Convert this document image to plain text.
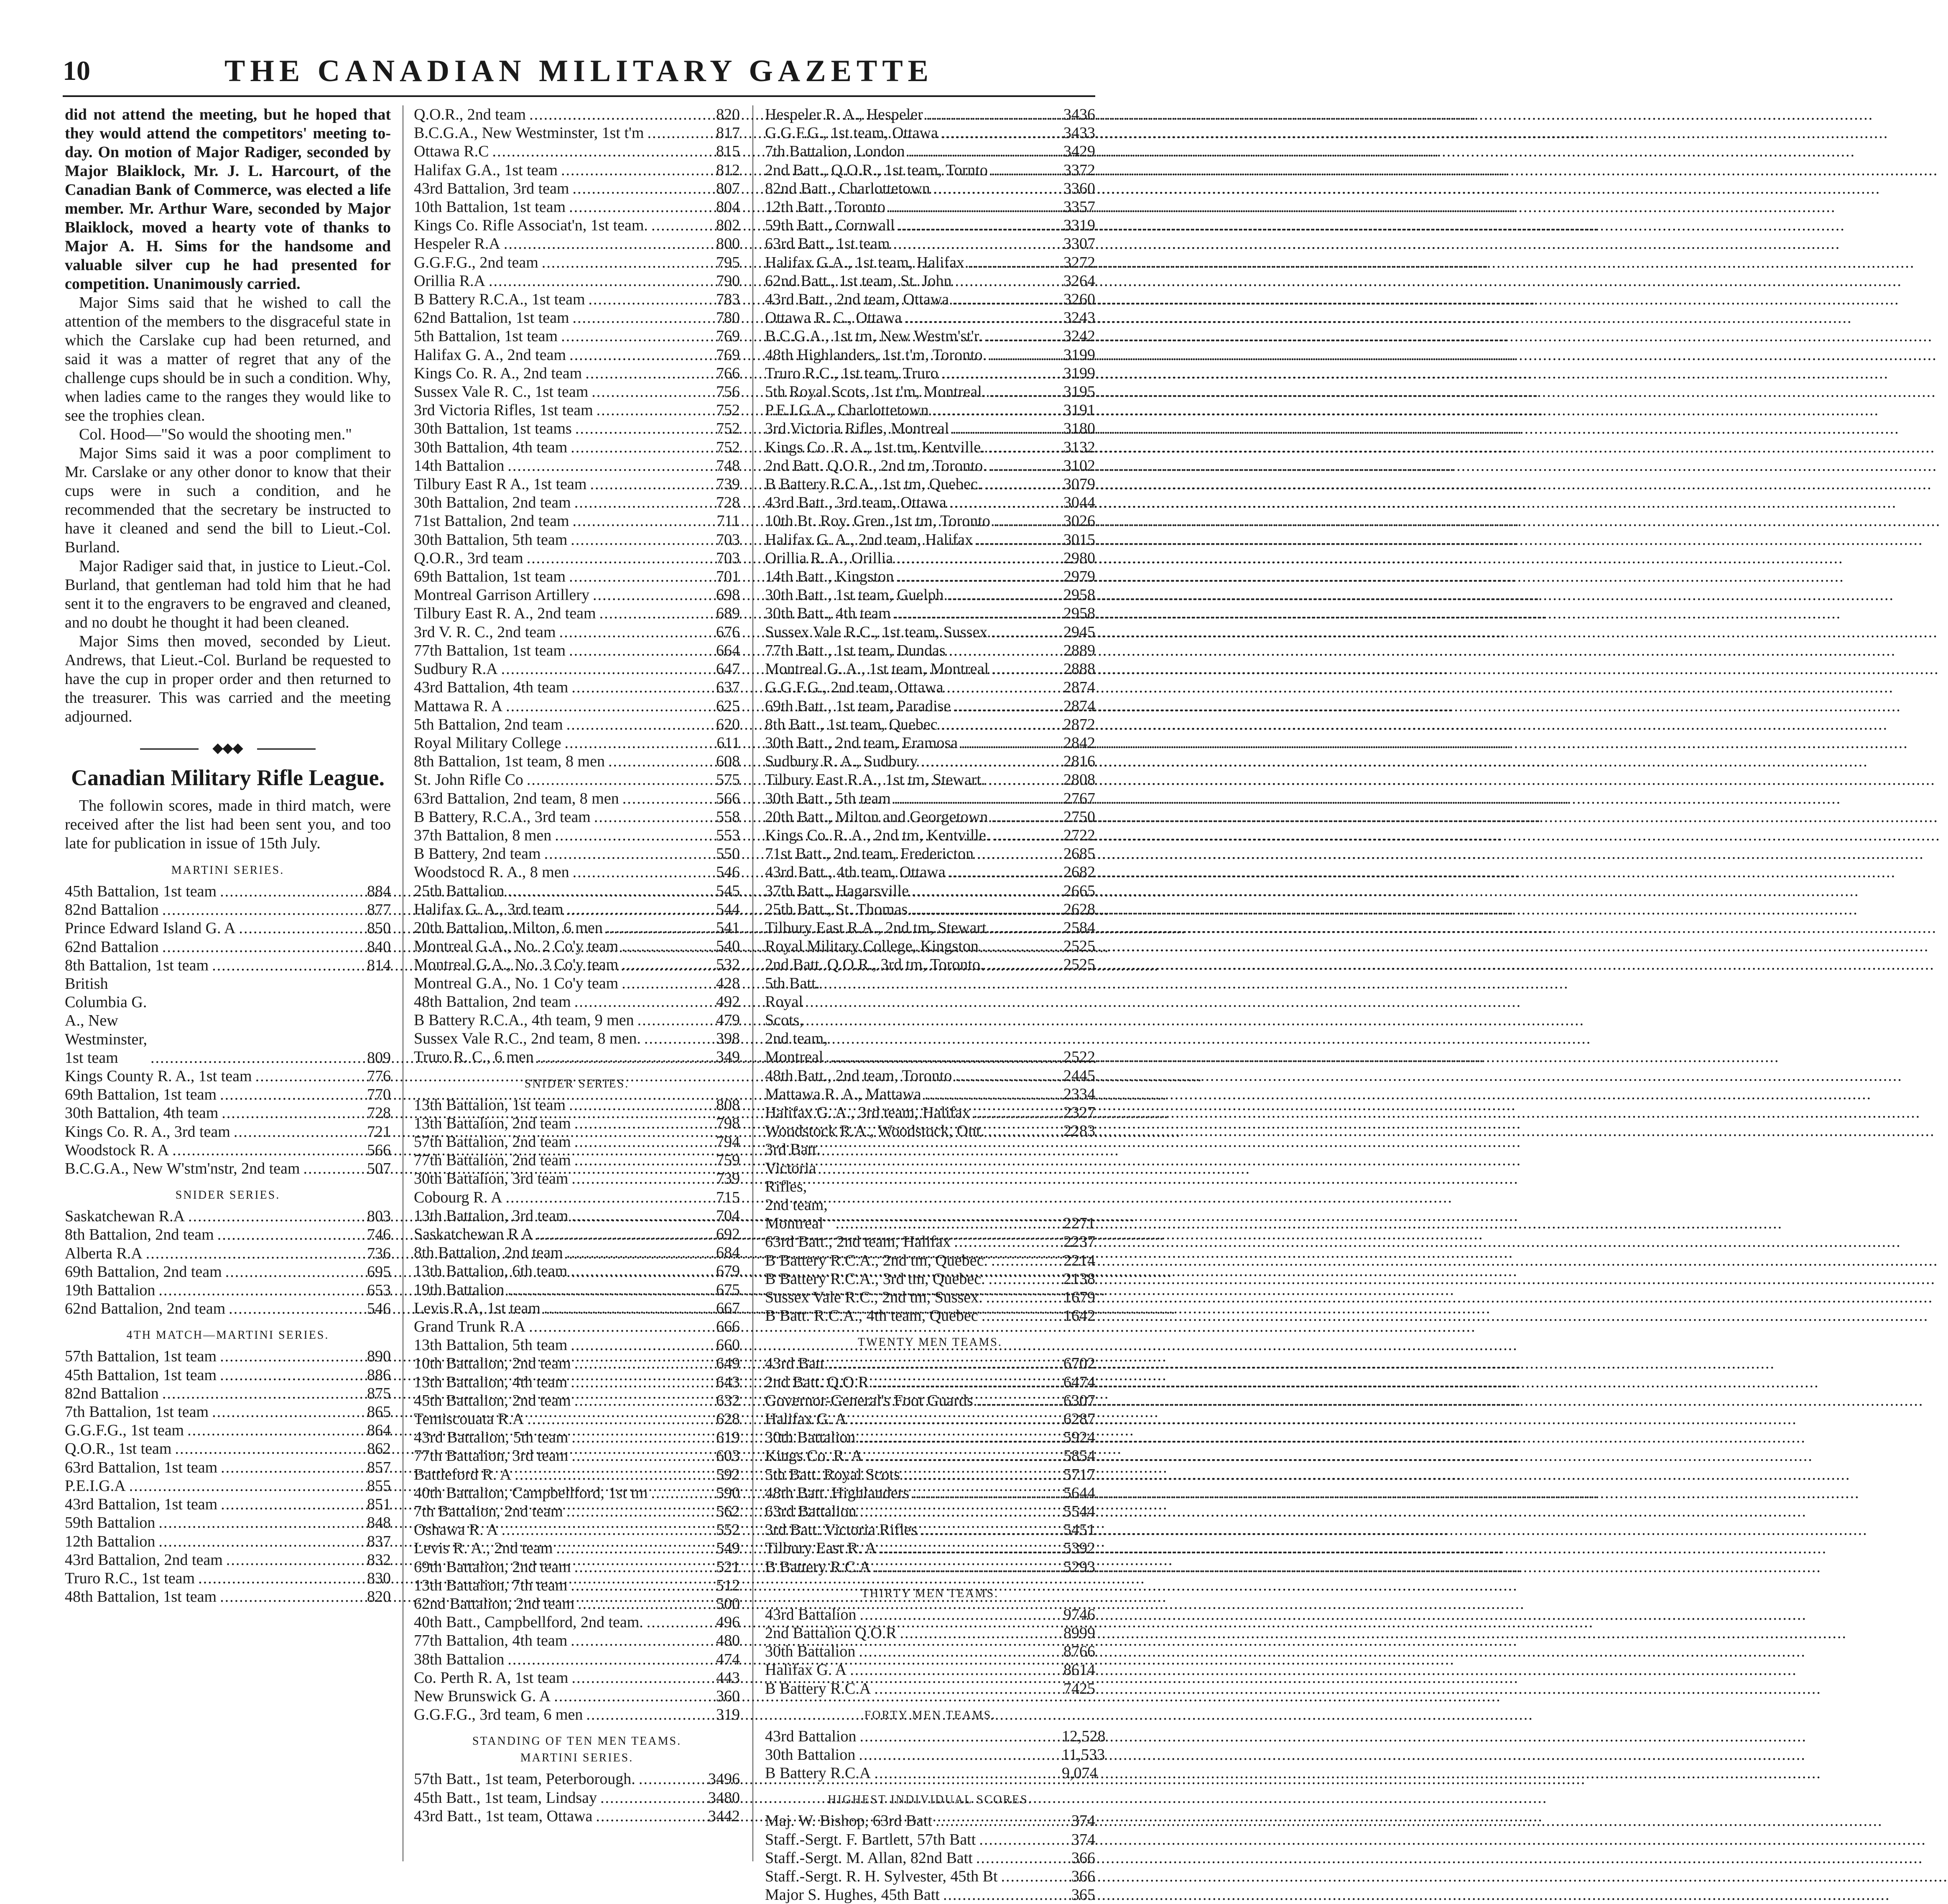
10	THE CANADIAN MILITARY GAZETTE

did not attend the meeting, but he hoped that they would attend the competitors' meeting to-day. On motion of Major Radiger, seconded by Major Blaiklock, Mr. J. L. Harcourt, of the Canadian Bank of Commerce, was elected a life member. Mr. Arthur Ware, seconded by Major Blaiklock, moved a hearty vote of thanks to Major A. H. Sims for the handsome and valuable silver cup he had presented for competition. Unanimously carried.

Major Sims said that he wished to call the attention of the members to the disgraceful state in which the Carslake cup had been returned, and said it was a matter of regret that any of the challenge cups should be in such a condition. Why, when ladies came to the ranges they would like to see the trophies clean.

Col. Hood—"So would the shooting men."

Major Sims said it was a poor compliment to Mr. Carslake or any other donor to know that their cups were in such a condition, and he recommended that the secretary be instructed to have it cleaned and send the bill to Lieut.-Col. Burland.

Major Radiger said that, in justice to Lieut.-Col. Burland, that gentleman had told him that he had sent it to the engravers to be engraved and cleaned, and no doubt he thought it had been cleaned.

Major Sims then moved, seconded by Lieut. Andrews, that Lieut.-Col. Burland be requested to have the cup in proper order and then returned to the treasurer. This was carried and the meeting adjourned.

Canadian Military Rifle League.

The followin scores, made in third match, were received after the list had been sent you, and too late for publication in issue of 15th July.

MARTINI SERIES.
45th Battalion, 1st team .....	884
82nd Battalion .....	877
Prince Edward Island G. A .....	850
62nd Battalion .....	840
8th Battalion, 1st team .....	814
British Columbia G. A., New Westminster, 1st team .....	809
Kings County R. A., 1st team .....	776
69th Battalion, 1st team .....	770
30th Battalion, 4th team .....	728
Kings Co. R. A., 3rd team .....	721
Woodstock R. A .....	566
B.C.G.A., New W'stm'nstr, 2nd team .....	507
SNIDER SERIES.
Saskatchewan R.A .....	803
8th Battalion, 2nd team .....	746
Alberta R.A .....	736
69th Battalion, 2nd team .....	695
19th Battalion .....	653
62nd Battalion, 2nd team .....	546
4TH MATCH—MARTINI SERIES.
57th Battalion, 1st team .....	890
45th Battalion, 1st team .....	886
82nd Battalion .....	875
7th Battalion, 1st team .....	865
G.G.F.G., 1st team .....	864
Q.O.R., 1st team .....	862
63rd Battalion, 1st team .....	857
P.E.I.G.A .....	855
43rd Battalion, 1st team .....	851
59th Battalion .....	848
12th Battalion .....	837
43rd Battalion, 2nd team .....	832
Truro R.C., 1st team .....	830
48th Battalion, 1st team .....	820
Q.O.R., 2nd team .....	820
B.C.G.A., New Westminster, 1st t'm .....	817
Ottawa R.C .....	815
Halifax G.A., 1st team .....	812
43rd Battalion, 3rd team .....	807
10th Battalion, 1st team .....	804
Kings Co. Rifle Associat'n, 1st team. .....	802
Hespeler R.A .....	800
G.G.F.G., 2nd team .....	795
Orillia R.A .....	790
B Battery R.C.A., 1st team .....	783
62nd Battalion, 1st team .....	780
5th Battalion, 1st team .....	769
Halifax G. A., 2nd team .....	769
Kings Co. R. A., 2nd team .....	766
Sussex Vale R. C., 1st team .....	756
3rd Victoria Rifles, 1st team .....	752
30th Battalion, 1st teams .....	752
30th Battalion, 4th team .....	752
14th Battalion .....	748
Tilbury East R A., 1st team .....	739
30th Battalion, 2nd team .....	728
71st Battalion, 2nd team .....	711
30th Battalion, 5th team .....	703
Q.O.R., 3rd team .....	703
69th Battalion, 1st team .....	701
Montreal Garrison Artillery .....	698
Tilbury East R. A., 2nd team .....	689
3rd V. R. C., 2nd team .....	676
77th Battalion, 1st team .....	664
Sudbury R.A .....	647
43rd Battalion, 4th team .....	637
Mattawa R. A .....	625
5th Battalion, 2nd team .....	620
Royal Military College .....	611
8th Battalion, 1st team, 8 men .....	608
St. John Rifle Co .....	575
63rd Battalion, 2nd team, 8 men .....	566
B Battery, R.C.A., 3rd team .....	558
37th Battalion, 8 men .....	553
B Battery, 2nd team .....	550
Woodstocd R. A., 8 men .....	546
25th Battalion .....	545
Halifax G. A., 3rd team .....	544
20th Battalion, Milton, 6 men .....	541
Montreal G.A., No. 2 Co'y team .....	540
Montreal G.A., No. 3 Co'y team .....	532
Montreal G.A., No. 1 Co'y team .....	428
48th Battalion, 2nd team .....	492
B Battery R.C.A., 4th team, 9 men .....	479
Sussex Vale R.C., 2nd team, 8 men. .....	398
Truro R. C., 6 men .....	349
SNIDER SERIES.
13th Battalion, 1st team .....	808
13th Battalion, 2nd team .....	798
57th Battalion, 2nd team .....	794
77th Battalion, 2nd team .....	759
30th Battalion, 3rd team .....	739
Cobourg R. A .....	715
13th Battalion, 3rd team .....	704
Saskatchewan R A .....	692
8th Battalion, 2nd team .....	684
13th Battalion, 6th team .....	679
19th Battalion .....	675
Levis R.A, 1st team .....	667
Grand Trunk R.A .....	666
13th Battalion, 5th team .....	660
10th Battalion, 2nd team .....	649
13th Battalion, 4th team .....	643
45th Battalion, 2nd team .....	632
Temiscouata R.A .....	628
43rd Battalion, 5th team .....	619
77th Battalion, 3rd team .....	603
Battleford R. A .....	592
40th Battalion, Campbellford, 1st tm .....	590
7th Battalion, 2nd team .....	562
Oshawa R. A .....	552
Levis R. A., 2nd team .....	549
69th Battalion, 2nd team .....	521
13th Battalion, 7th team .....	512
62nd Battalion, 2nd team .....	500
40th Batt., Campbellford, 2nd team. .....	496
77th Battalion, 4th team .....	480
38th Battalion .....	474
Co. Perth R. A, 1st team .....	443
New Brunswick G. A .....	360
G.G.F.G., 3rd team, 6 men .....	319
STANDING OF TEN MEN TEAMS.
MARTINI SERIES.
57th Batt., 1st team, Peterborough. .....	3496
45th Batt., 1st team, Lindsay .....	3480
43rd Batt., 1st team, Ottawa .....	3442
Hespeler R. A., Hespeler .....	3436
G.G.F.G., 1st team, Ottawa .....	3433
7th Battalion, London .....	3429
2nd Batt., Q.O.R., 1st team, Tornto .....	3372
82nd Batt., Charlottetown .....	3360
12th Batt., Toronto .....	3357
59th Batt., Cornwall .....	3319
63rd Batt., 1st team .....	3307
Halifax G.A., 1st team, Halifax .....	3272
62nd Batt., 1st team, St. John .....	3264
43rd Batt., 2nd team, Ottawa .....	3260
Ottawa R. C., Ottawa .....	3243
B.C.G.A., 1st tm, New Westm'st'r. .....	3242
48th Highlanders, 1st t'm, Toronto. .....	3199
Truro R.C., 1st team, Truro .....	3199
5th Royal Scots, 1st t'm, Montreal. .....	3195
P.E.I.G.A., Charlottetown .....	3191
3rd Victoria Rifles, Montreal .....	3180
Kings Co. R. A., 1st tm, Kentville. .....	3132
2nd Batt. Q.O.R., 2nd tm, Toronto. .....	3102
B Battery R.C A., 1st tm, Quebec. .....	3079
43rd Batt., 3rd team, Ottawa .....	3044
10th Bt. Roy. Gren.,1st tm, Toronto .....	3026
Halifax G. A., 2nd team, Halifax .....	3015
Orillia R. A., Orillia .....	2980
14th Batt., Kingston .....	2979
30th Batt., 1st team, Guelph .....	2958
30th Batt., 4th team .....	2958
Sussex Vale R.C., 1st team, Sussex .....	2945
77th Batt., 1st team, Dundas .....	2889
Montreal G. A., 1st team, Montreal .....	2888
G.G.F.G., 2nd team, Ottawa .....	2874
69th Batt., 1st team, Paradise .....	2874
8th Batt., 1st team, Quebec .....	2872
30th Batt., 2nd team, Eramosa .....	2842
Sudbury R. A., Sudbury .....	2816
Tilbury East R.A., 1st tm, Stewart. .....	2808
30th Batt., 5th team .....	2767
20th Batt., Milton and Georgetown .....	2750
Kings Co. R. A., 2nd tm, Kentville. .....	2722
71st Batt., 2nd team, Fredericton .....	2685
43rd Batt., 4th team, Ottawa .....	2682
37th Batt., Hagarsville .....	2665
25th Batt., St. Thomas .....	2628
Tilbury East R.A., 2nd tm, Stewart .....	2584
Royal Military College, Kingston .....	2525
2nd Batt. Q.O.R., 3rd tm, Toronto. .....	2525
5th Batt. Royal Scots, 2nd team, Montreal .....	2522
48th Batt., 2nd team, Toronto .....	2445
Mattawa R. A., Mattawa .....	2334
Halifax G. A., 3rd team, Halifax .....	2327
Woodstock R.A., Woodstock, Ont. .....	2283
3rd Batt. Victoria Rifles, 2nd team, Montreal .....	2271
63rd Batt., 2nd team, Halifax .....	2237
B Battery R.C.A., 2nd tm, Quebec. .....	2214
B Battery R.C.A., 3rd tm, Quebec. .....	2138
Sussex Vale R.C., 2nd tm, Sussex. .....	1679
B Batt. R.C.A., 4th team, Quebec .....	1642
TWENTY MEN TEAMS.
43rd Batt .....	6702
2nd Batt. Q.O.R .....	6474
Governor-General's Foot Guards .....	6307
Halifax G. A .....	6287
30th Battalion .....	5924
Kings Co. R. A .....	5854
5th Batt. Royal Scots .....	5717
48th Batt. Highlanders .....	5644
63rd Battalion .....	5544
3rd Batt. Victoria Rifles .....	5451
Tilbury East R. A .....	5392
B Battery R.C.A .....	5293
THIRTY MEN TEAMS.
43rd Battalion .....	9746
2nd Battalion Q.O.R .....	8999
30th Battalion .....	8766
Halifax G. A .....	8614
B Battery R.C.A .....	7425
FORTY MEN TEAMS.
43rd Battalion .....	12,528
30th Battalion .....	11,533
B Battery R.C.A .....	9,074
HIGHEST INDIVIDUAL SCORES.
Maj. W. Bishop, 63rd Batt .....	374
Staff.-Sergt. F. Bartlett, 57th Batt .....	374
Staff.-Sergt. M. Allan, 82nd Batt .....	366
Staff.-Sergt. R. H. Sylvester, 45th Bt .....	366
Major S. Hughes, 45th Batt .....	365
